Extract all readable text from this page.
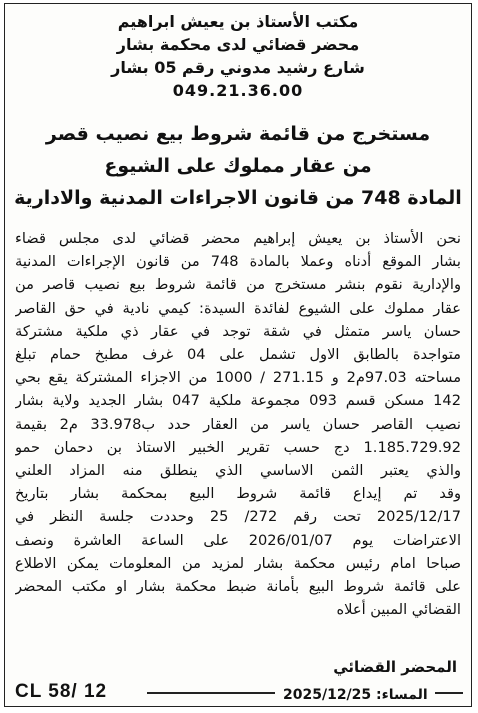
مكتب الأستاذ بن يعيش ابراهيم
محضر قضائي لدى محكمة بشار
شارع رشيد مدوني رقم 05 بشار
049.21.36.00
مستخرج من قائمة شروط بيع نصيب قصر
من عقار مملوك على الشيوع
المادة 748 من قانون الاجراءات المدنية والادارية
نحن الأستاذ بن يعيش إبراهيم محضر قضائي لدى مجلس قضاء
بشار الموقع أدناه وعملا بالمادة 748 من قانون الإجراءات المدنية
والإدارية نقوم بنشر مستخرج من قائمة شروط بيع نصيب قاصر من
عقار مملوك على الشيوع لفائدة السيدة: كيمي نادية في حق القاصر
حسان ياسر متمثل في شقة توجد في عقار ذي ملكية مشتركة
متواجدة بالطابق الاول تشمل على 04 غرف مطبخ حمام تبلغ
مساحته 97.03م2 و 271.15 / 1000 من الاجزاء المشتركة يقع بحي
142 مسكن قسم 093 مجموعة ملكية 047 بشار الجديد ولاية بشار
نصيب القاصر حسان ياسر من العقار حدد ب33.978 م2 بقيمة
1.185.729.92 دج حسب تقرير الخبير الاستاذ بن دحمان حمو
والذي يعتبر الثمن الاساسي الذي ينطلق منه المزاد العلني
وقد تم إيداع قائمة شروط البيع بمحكمة بشار بتاريخ
2025/12/17 تحت رقم 272/ 25 وحددت جلسة النظر في
الاعتراضات يوم 2026/01/07 على الساعة العاشرة ونصف
صباحا امام رئيس محكمة بشار لمزيد من المعلومات يمكن الاطلاع
على قائمة شروط البيع بأمانة ضبط محكمة بشار او مكتب المحضر
القضائي المبين أعلاه
المحضر القضائي
CL 58/ 12	المساء: 2025/12/25
